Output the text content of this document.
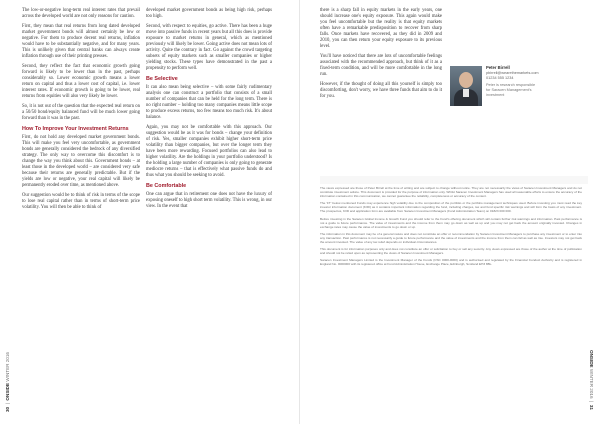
30  |  ONSIDE WINTER 2016

The low-or-negative long-term real interest rates that prevail across the developed world are not only reasons for caution.

First, they mean that real returns from long dated developed market government bonds will almost certainly be low or negative. For them to produce decent real returns, inflation would have to be substantially negative, and for many years. This is unlikely given that central banks can always create inflation through use of their printing presses.

Second, they reflect the fact that economic growth going forward is likely to be lower than in the past, perhaps considerably so. Lower economic growth means a lower return on capital and thus a lower cost of capital, i.e. lower interest rates. If economic growth is going to be lower, real returns from equities will also very likely be lower.

So, it is not out of the question that the expected real return on a 50/50 bond/equity balanced fund will be much lower going forward than it was in the past.

How To Improve Your Investment Returns

First, do not hold any developed market government bonds. This will make you feel very uncomfortable, as government bonds are generally considered the bedrock of any diversified strategy. The only way to overcome this discomfort is to change the way you think about this. Government bonds – at least those in the developed world – are considered very safe because their returns are generally predictable. But if the yields are low or negative, your real capital will likely be permanently eroded over time, as mentioned above.

Our suggestion would be to think of risk in terms of the scope to lose real capital rather than in terms of short-term price volatility. You will then be able to think of

developed market government bonds as being high risk, perhaps too high.

Second, with respect to equities, go active. There has been a huge move into passive funds in recent years but all this does is provide exposure to market returns in general, which as mentioned previously will likely be lower. Going active does not mean lots of activity. Quite the contrary in fact. Go against the crowd targeting subsets of equity markets such as smaller companies or higher yielding stocks. These types have demonstrated in the past a propensity to perform well.

Be Selective

It can also mean being selective – with some fairly rudimentary analysis one can construct a portfolio that consists of a small number of companies that can be held for the long term. There is no right number – holding too many companies means little scope to produce excess returns, too few means too much risk. It's about balance.

Again, you may not be comfortable with this approach. Our suggestion would be as it was for bonds – change your definition of risk. Yes, smaller companies exhibit higher short-term price volatility than bigger companies, but over the longer term they have been more rewarding. Focused portfolios can also lead to higher volatility. Are the holdings in your portfolio understood? Is the holding a large number of companies is only going to generate mediocre returns – that is effectively what passive funds do and thus what you should be seeking to avoid.

Be Comfortable

One can argue that in retirement one does not have the luxury of exposing oneself to high short term volatility. This is wrong, in our view. In the event that

there is a sharp fall in equity markets in the early years, one should increase one's equity exposure. This again would make you feel uncomfortable but the reality is that equity markets often have a remarkable predisposition to recover from sharp falls. Once markets have recovered, as they did in 2009 and 2010, you can then return your equity exposure to its previous level.

You'll have noticed that there are lots of uncomfortable feelings associated with the recommended approach, but think of it as a fixed-term condition, and will be more comfortable in the long run.

However, if the thought of doing all this yourself is simply too discomforting, don't worry, we have three funds that aim to do it for you.

Peter Birrell
pbirrell@wearethemarkets.com
01234 555 1234
Peter is research responsible for Saracen Management's investment

The views expressed are those of Peter Birrell at the time of writing and are subject to change without notice. They are not necessarily the views of Saracen Investment Managers and do not constitute investment advice. This document is provided for the purpose of information only. Whilst Saracen Investment Managers has used all reasonable efforts to ensure the accuracy of the information contained in this communication, we cannot guarantee the reliability, completeness or accuracy of the content.

The 'FT' below mentioned Funds may experience high volatility due to the composition of the portfolio or the portfolio management techniques used. Before investing you must read the key investor information document (KIID) as it contains important information regarding the fund, including charges, tax and fund specific risk warnings and will form the basis of any investment. The prospectus, KIID and application form are available from Saracen Investment Managers (Fund Administration Team) on 01823 000 000.

Before investing in the Saracen Global Income & Growth Fund you should refer to the Fund's offering document which will contain further risk warnings and information. Past performance is not a guide to future performance. The value of investments and the income from them may go down as well as up and you may not get back the amount originally invested. Changes in exchange rates may cause the value of investments to go down or up.

The information in this document may be of a general nature and does not constitute an offer or recommendation by Saracen Investment Managers to purchase any investment or to enter into any transaction. Past performance is not necessarily a guide to future performance and the value of investments and the income from them can fall as well as rise. Investors may not get back the amount invested. The value of any tax relief depends on individual circumstances.

This document is for information purposes only and does not constitute an offer or solicitation to buy or sell any security. Any views expressed are those of the author at the time of publication and should not be relied upon as representing the views of Saracen Investment Managers.

Saracen Investment Managers Limited is the Investment Manager of the Funds (CSC 0000-0000) and is authorised and regulated by the Financial Conduct Authority and is registered in England No. 0000000 with its registered office at Fund Administration House, Exchange Place, Edinburgh, Scotland EH3 8BL.

ONSIDE WINTER 2016  |  31
